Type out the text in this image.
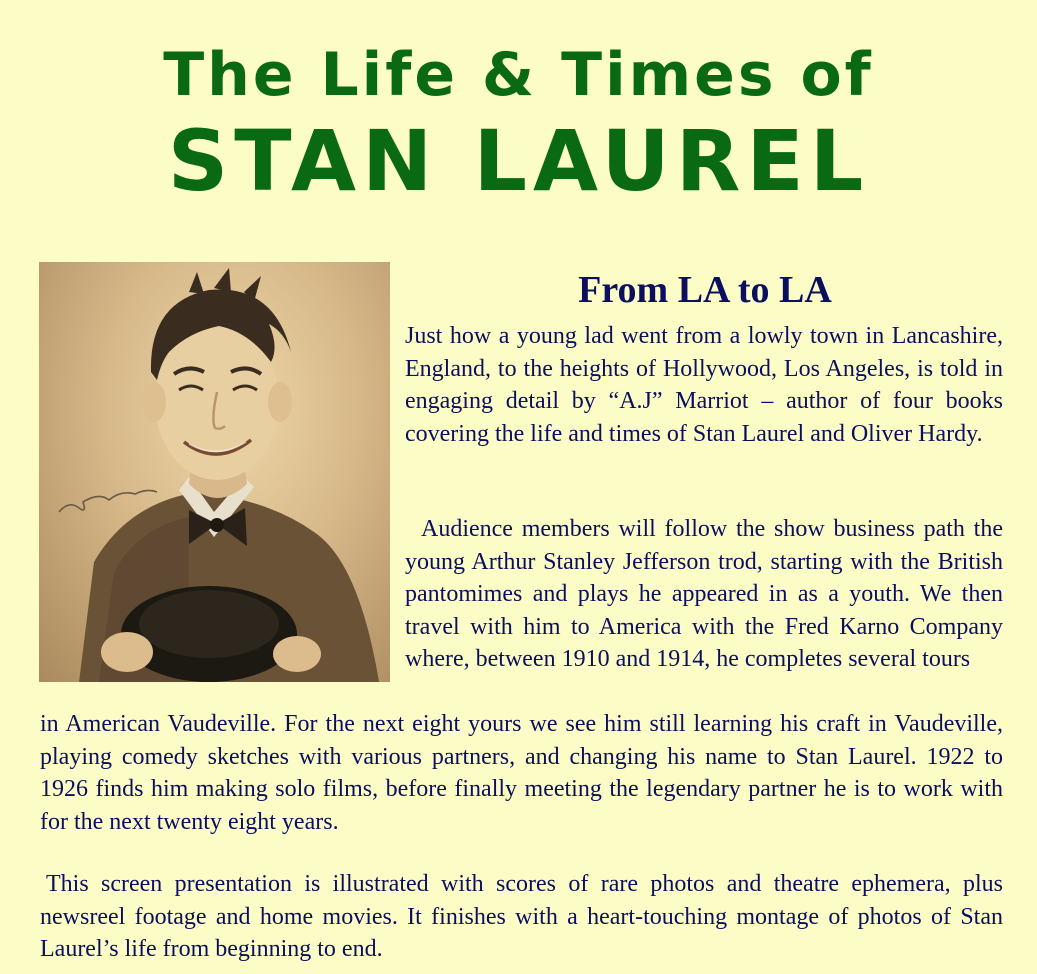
The Life & Times of
STAN LAUREL
From LA to LA

Just how a young lad went from a lowly town in Lancashire, England, to the heights of Hollywood, Los Angeles, is told in engaging detail by “A.J” Marriot – author of four books covering the life and times of Stan Laurel and Oliver Hardy.

Audience members will follow the show business path the young Arthur Stanley Jefferson trod, starting with the British pantomimes and plays he appeared in as a youth. We then travel with him to America with the Fred Karno Company where, between 1910 and 1914, he completes several tours

in American Vaudeville. For the next eight yours we see him still learning his craft in Vaudeville, playing comedy sketches with various partners, and changing his name to Stan Laurel. 1922 to 1926 finds him making solo films, before finally meeting the legendary partner he is to work with for the next twenty eight years.

This screen presentation is illustrated with scores of rare photos and theatre ephemera, plus newsreel footage and home movies. It finishes with a heart-touching montage of photos of Stan Laurel’s life from beginning to end.
